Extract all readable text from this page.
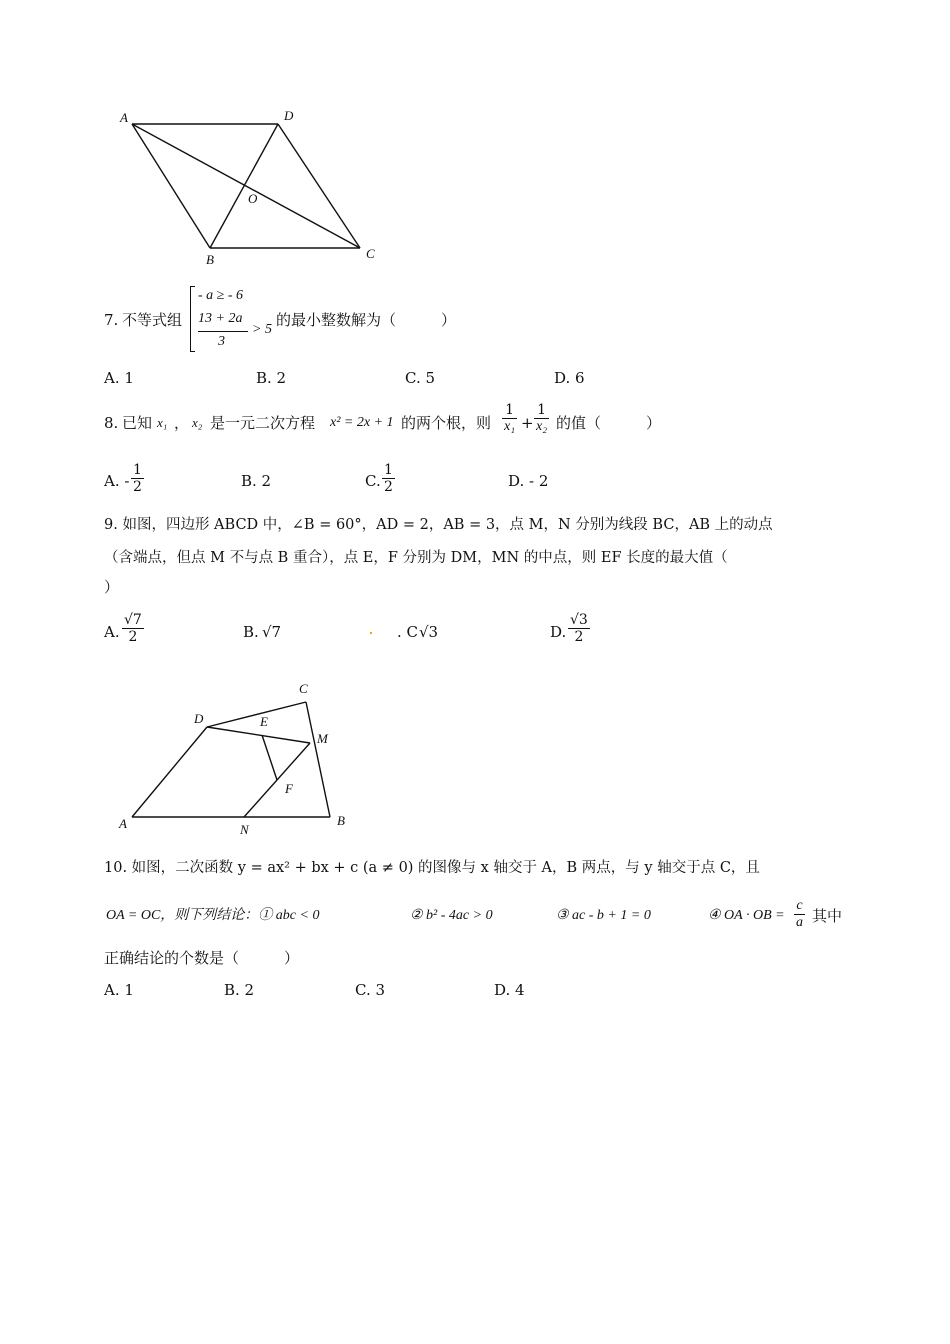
A	D
O
B	C
7. 不等式组
- a ≥ - 6
13 + 2a
3
> 5
的最小整数解为（　　　）
A. 1	B. 2	C. 5	D. 6
8. 已知 x₁ ， x₂ 是一元二次方程 x² = 2x + 1 的两个根，则 $\frac{1}{\text{x₁}} + \frac{1}{\text{x₂}}$ 的值（　　　）
A. - $\frac{1}{2}$	B. 2	C. $\frac{1}{2}$	D. - 2
9. 如图，四边形 ABCD 中，∠B = 60°，AD = 2，AB = 3，点 M，N 分别为线段 BC，AB 上的动点
（含端点，但点 M 不与点 B 重合），点 E，F 分别为 DM，MN 的中点，则 EF 长度的最大值（
）
A. $\frac{√7}{2}$	B. √7	. C √3	D. $\frac{√3}{2}$
C
D	E
M
F
A	N
B
10. 如图，二次函数 y = ax² + bx + c (a ≠ 0) 的图像与 x 轴交于 A，B 两点，与 y 轴交于点 C，且
OA = OC，则下列结论：① abc < 0	② b² - 4ac > 0	③ ac - b + 1 = 0	④ OA · OB = $\frac{c}{a}$ 其中
正确结论的个数是（　　　）
A. 1	B. 2	C. 3	D. 4
